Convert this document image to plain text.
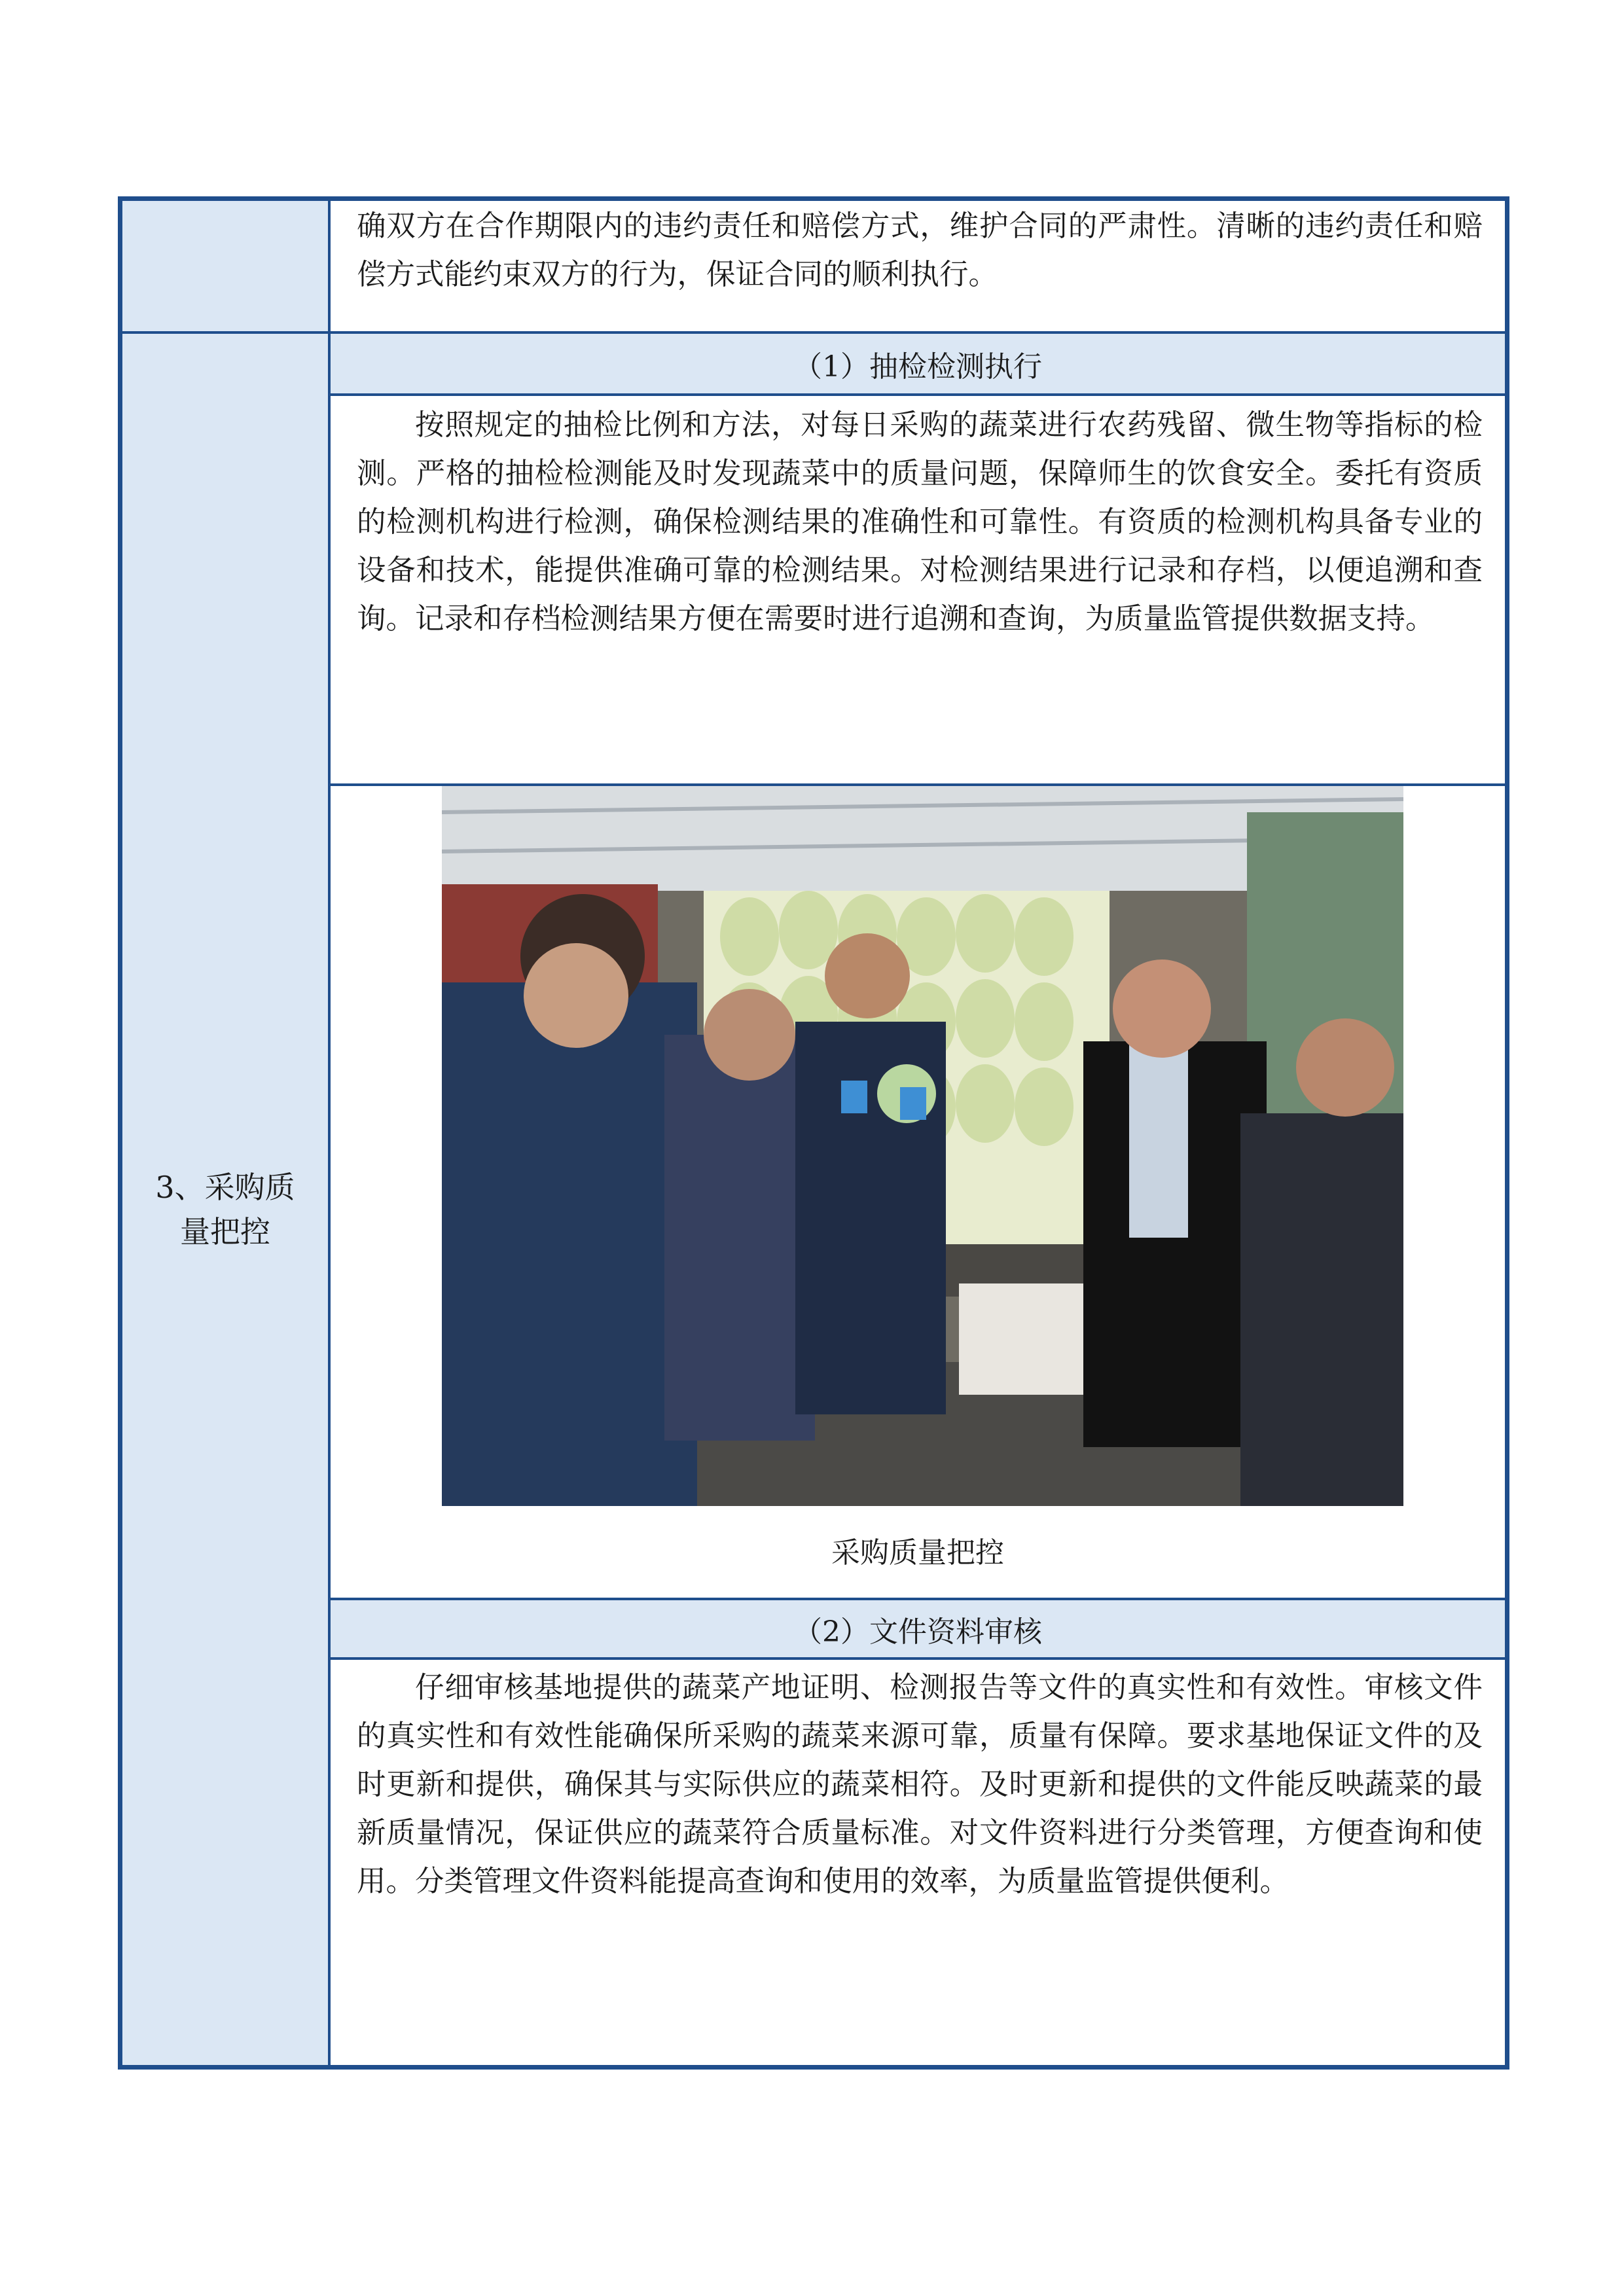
确双方在合作期限内的违约责任和赔偿方式，维护合同的严肃性。清晰的违约责任和赔偿方式能约束双方的行为，保证合同的顺利执行。

3、采购质量把控
（1）抽检检测执行

按照规定的抽检比例和方法，对每日采购的蔬菜进行农药残留、微生物等指标的检测。严格的抽检检测能及时发现蔬菜中的质量问题，保障师生的饮食安全。委托有资质的检测机构进行检测，确保检测结果的准确性和可靠性。有资质的检测机构具备专业的设备和技术，能提供准确可靠的检测结果。对检测结果进行记录和存档，以便追溯和查询。记录和存档检测结果方便在需要时进行追溯和查询，为质量监管提供数据支持。

采购质量把控
（2）文件资料审核

仔细审核基地提供的蔬菜产地证明、检测报告等文件的真实性和有效性。审核文件的真实性和有效性能确保所采购的蔬菜来源可靠，质量有保障。要求基地保证文件的及时更新和提供，确保其与实际供应的蔬菜相符。及时更新和提供的文件能反映蔬菜的最新质量情况，保证供应的蔬菜符合质量标准。对文件资料进行分类管理，方便查询和使用。分类管理文件资料能提高查询和使用的效率，为质量监管提供便利。
